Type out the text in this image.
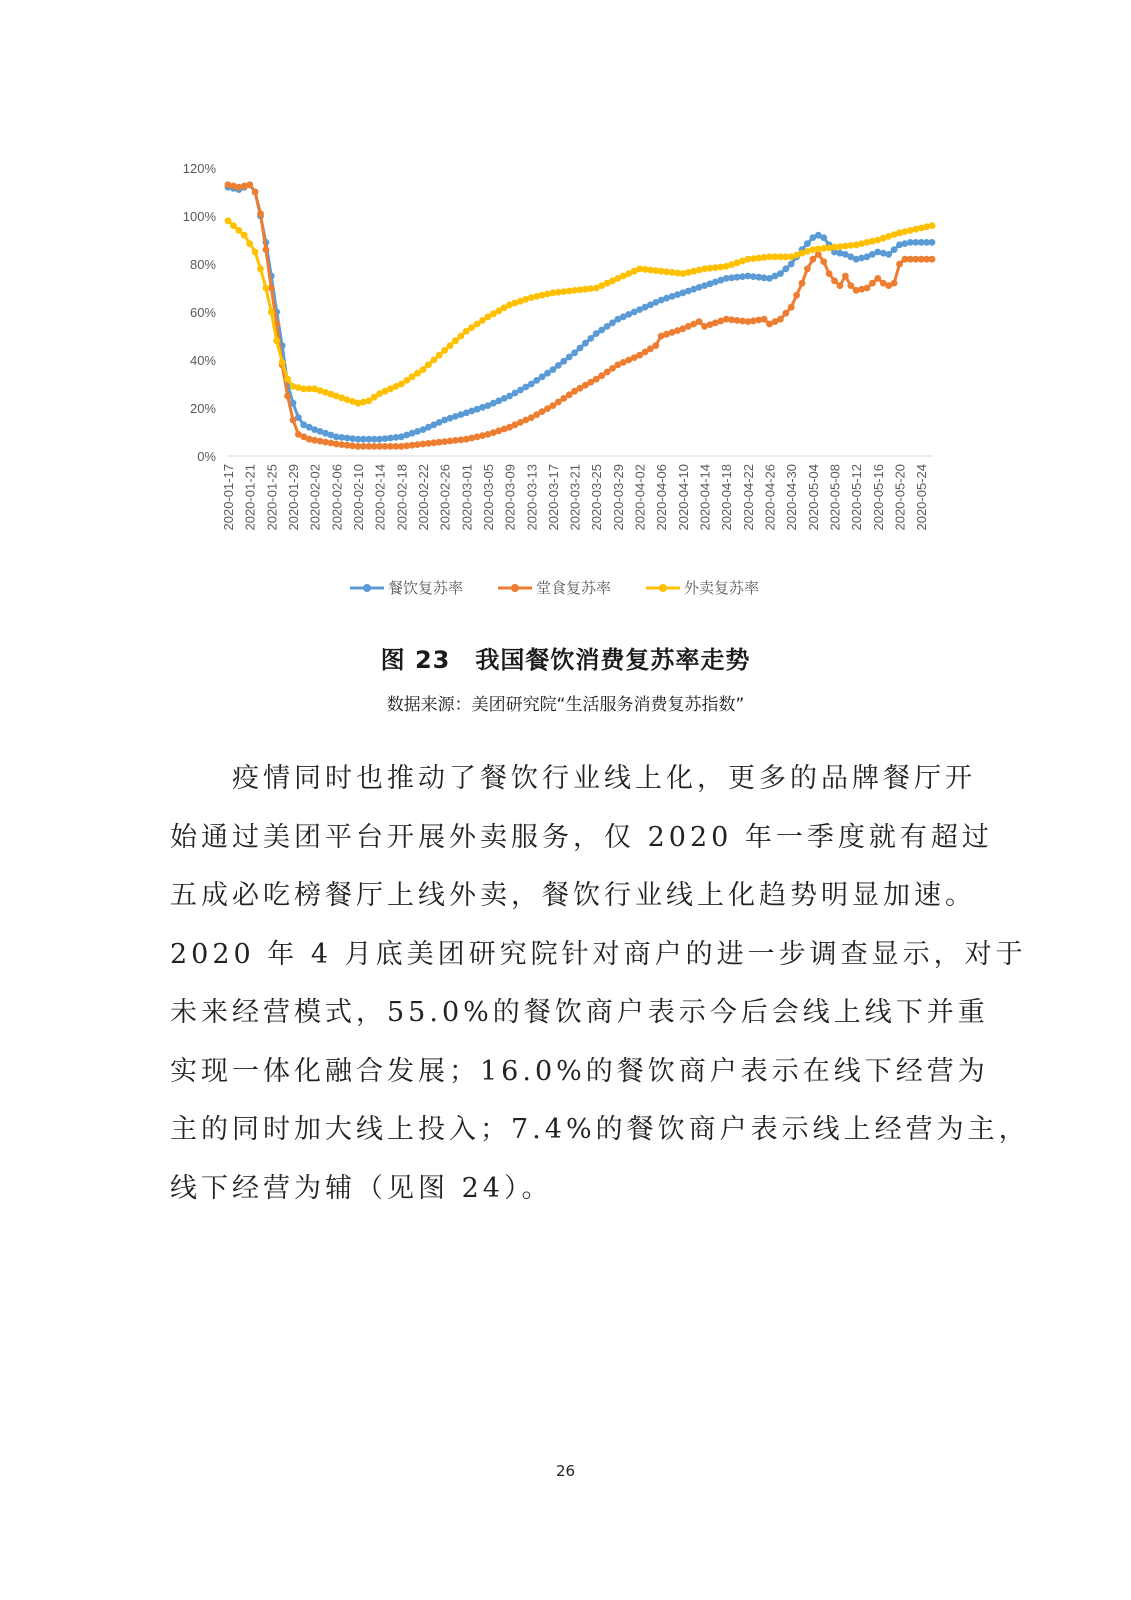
0%
20%
40%
60%
80%
100%
120%
2020-01-17 2020-01-21 2020-01-25 2020-01-29 2020-02-02 2020-02-06 2020-02-10 2020-02-14 2020-02-18 2020-02-22 2020-02-26 2020-03-01 2020-03-05 2020-03-09 2020-03-13 2020-03-17 2020-03-21 2020-03-25 2020-03-29 2020-04-02 2020-04-06 2020-04-10 2020-04-14 2020-04-18 2020-04-22 2020-04-26 2020-04-30 2020-05-04 2020-05-08 2020-05-12 2020-05-16 2020-05-20 2020-05-24
餐饮复苏率	堂食复苏率	外卖复苏率
图 23　我国餐饮消费复苏率走势
数据来源：美团研究院“生活服务消费复苏指数”
　　疫情同时也推动了餐饮行业线上化，更多的品牌餐厅开
始通过美团平台开展外卖服务，仅 2020 年一季度就有超过
五成必吃榜餐厅上线外卖，餐饮行业线上化趋势明显加速。
2020 年 4 月底美团研究院针对商户的进一步调查显示，对于
未来经营模式，55.0%的餐饮商户表示今后会线上线下并重
实现一体化融合发展；16.0%的餐饮商户表示在线下经营为
主的同时加大线上投入；7.4%的餐饮商户表示线上经营为主，
线下经营为辅（见图 24）。
26
